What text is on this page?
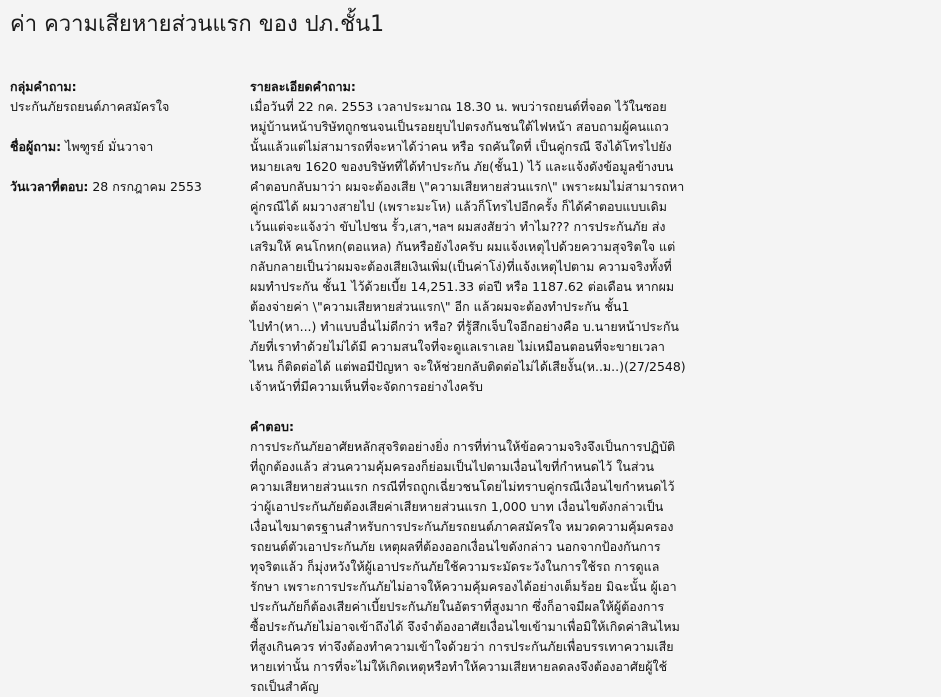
ค่า ความเสียหายส่วนแรก ของ ปภ.ชั้น1
กลุ่มคำถาม:
ประกันภัยรถยนต์ภาคสมัครใจ
ชื่อผู้ถาม: ไพฑูรย์ มั่นวาจา
วันเวลาที่ตอบ: 28 กรกฎาคม 2553
รายละเอียดคำถาม:
เมื่อวันที่ 22 กค. 2553 เวลาประมาณ 18.30 น. พบว่ารถยนต์ที่จอด ไว้ในซอย
หมู่บ้านหน้าบริษัทถูกชนจนเป็นรอยยุบไปตรงกันชนใต้ไฟหน้า สอบถามผู้คนแถว
นั้นแล้วแต่ไม่สามารถที่จะหาได้ว่าคน หรือ รถคันใดที่ เป็นคู่กรณี จึงได้โทรไปยัง
หมายเลข 1620 ของบริษัทที่ได้ทำประกัน ภัย(ชั้น1) ไว้ และแจ้งดังข้อมูลข้างบน
คำตอบกลับมาว่า ผมจะต้องเสีย \"ความเสียหายส่วนแรก\" เพราะผมไม่สามารถหา
คู่กรณีได้ ผมวางสายไป (เพราะมะโห) แล้วก็โทรไปอีกครั้ง ก็ได้คำตอบแบบเดิม
เว้นแต่จะแจ้งว่า ขับไปชน รั้ว,เสา,ฯลฯ ผมสงสัยว่า ทำไม??? การประกันภัย ส่ง
เสริมให้ คนโกหก(ตอแหล) กันหรือยังไงครับ ผมแจ้งเหตุไปด้วยความสุจริตใจ แต่
กลับกลายเป็นว่าผมจะต้องเสียเงินเพิ่ม(เป็นค่าโง่)ที่แจ้งเหตุไปตาม ความจริงทั้งที่
ผมทำประกัน ชั้น1 ไว้ด้วยเบี้ย 14,251.33 ต่อปี หรือ 1187.62 ต่อเดือน หากผม
ต้องจ่ายค่า \"ความเสียหายส่วนแรก\" อีก แล้วผมจะต้องทำประกัน ชั้น1
ไปทำ(หา...) ทำแบบอื่นไม่ดีกว่า หรือ? ที่รู้สึกเจ็บใจอีกอย่างคือ บ.นายหน้าประกัน
ภัยที่เราทำด้วยไม่ได้มี ความสนใจที่จะดูแลเราเลย ไม่เหมือนตอนที่จะขายเวลา
ไหน ก็ติดต่อได้ แต่พอมีปัญหา จะให้ช่วยกลับติดต่อไม่ได้เสียงั้น(ห..ม..)(27/2548)
เจ้าหน้าที่มีความเห็นที่จะจัดการอย่างไงครับ
คำตอบ:
การประกันภัยอาศัยหลักสุจริตอย่างยิ่ง การที่ท่านให้ข้อความจริงจึงเป็นการปฏิบัติ
ที่ถูกต้องแล้ว ส่วนความคุ้มครองก็ย่อมเป็นไปตามเงื่อนไขที่กำหนดไว้ ในส่วน
ความเสียหายส่วนแรก กรณีที่รถถูกเฉี่ยวชนโดยไม่ทราบคู่กรณีเงื่อนไขกำหนดไว้
ว่าผู้เอาประกันภัยต้องเสียค่าเสียหายส่วนแรก 1,000 บาท เงื่อนไขดังกล่าวเป็น
เงื่อนไขมาตรฐานสำหรับการประกันภัยรถยนต์ภาคสมัครใจ หมวดความคุ้มครอง
รถยนต์ตัวเอาประกันภัย เหตุผลที่ต้องออกเงื่อนไขดังกล่าว นอกจากป้องกันการ
ทุจริตแล้ว ก็มุ่งหวังให้ผู้เอาประกันภัยใช้ความระมัดระวังในการใช้รถ การดูแล
รักษา เพราะการประกันภัยไม่อาจให้ความคุ้มครองได้อย่างเต็มร้อย มิฉะนั้น ผู้เอา
ประกันภัยก็ต้องเสียค่าเบี้ยประกันภัยในอัตราที่สูงมาก ซึ่งก็อาจมีผลให้ผู้ต้องการ
ซื้อประกันภัยไม่อาจเข้าถึงได้ จึงจำต้องอาศัยเงื่อนไขเข้ามาเพื่อมิให้เกิดค่าสินไหม
ที่สูงเกินควร ท่าจึงต้องทำความเข้าใจด้วยว่า การประกันภัยเพื่อบรรเทาความเสีย
หายเท่านั้น การที่จะไม่ให้เกิดเหตุหรือทำให้ความเสียหายลดลงจึงต้องอาศัยผู้ใช้
รถเป็นสำคัญ
